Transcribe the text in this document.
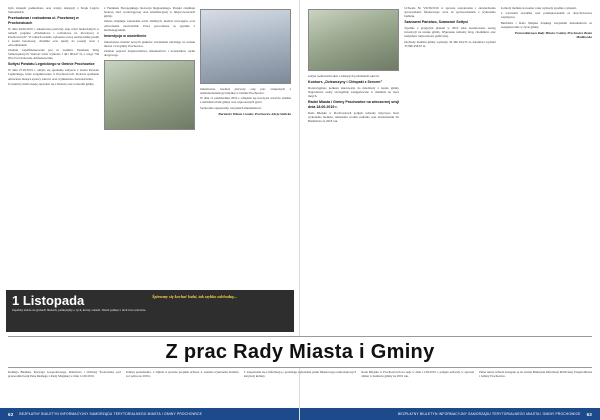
nym świętem podkreślono oraz wizytę delegacji z Kraju Ługów Saksońskich.
Przebudowa i rozbudowa ul. Pocztowej w Prochowicach
W dniu 04.06.2019 r. zakończono pierwszy etap robót budowlanych w ramach projektu „Przebudowa i rozbudowa ul. Pocztowej w Prochowicach”. W ramach zadania wykonano nową nawierzchnię jezdni z kostki betonowej, chodniki oraz zjazdy do posesji wraz z odwodnieniem.
Zadanie współfinansowane jest ze środków Funduszu Dróg Samorządowych. Wartość robót wyniosła 1 461 904,47 zł, z czego 730 952,23 zł stanowiło dofinansowanie.
Sołtysi Powiatu Legnickiego w Gminie Prochowice
W dniu 27.05.2019 r. odbyło się spotkanie sołtysów z terenu Powiatu Legnickiego, które zorganizowano w Prochowicach. Podczas spotkania omówiono bieżące sprawy sołectw oraz wymieniono doświadczenia.
Uczestnicy mieli okazję zapoznać się z historią oraz walorami gminy.
z Funduszu Europejskiego Rozwoju Regionalnego. Projekt obejmuje budowę sieci wodociągowej oraz kanalizacyjnej w miejscowościach gminy.
Zakres obejmuje wykonanie robót ziemnych, montaż rurociągów oraz odtworzenie nawierzchni. Prace prowadzone są zgodnie z harmonogramem.
Inwestycja w oświetlenie
Zakończono montaż nowych punktów oświetlenia ulicznego na terenie miasta i wsi gminy Prochowice.
Zadanie poprawi bezpieczeństwo mieszkańców i uczestników ruchu drogowego.
Zakończono również pierwszy etap prac związanych z termomodernizacją budynku w Gminie Prochowice.
W dniu 11 października 2019 r. odbędzie się uroczyste otwarcie obiektu z udziałem władz gminy oraz zaproszonych gości.
Serdecznie zapraszamy wszystkich mieszkańców.
Burmistrz Miasta i Gminy Prochowice Alicja Sielicka
62 BEZPŁATNY BIULETYN INFORMACYJNY SAMORZĄDU TERYTORIALNEGO MIASTA I GMINY PROCHOWICE
sołtysi rozmawiali także o bieżących problemach sołectw.
Konkurs „Dziewczyny i Chłopaki z Sercem”
Rozstrzygnięto konkurs skierowany do młodzieży z terenu gminy. Nagrodzono osoby szczególnie zaangażowane w działania na rzecz innych.
Radni Miasta i Gminy Prochowice na wieczornej sesji dnia 18.06.2019 r.
Rada Miejska w Prochowicach podjęła uchwały dotyczące m.in. wykonania budżetu, udzielenia wotum zaufania oraz absolutorium dla Burmistrza za 2018 rok.
Uchwała Nr VII/36/2019 w sprawie rozpatrzenia i zatwierdzenia sprawozdania finansowego wraz ze sprawozdaniem z wykonania budżetu.
Szanowni Państwo, Szanowni Sołtysi
Zgodnie z przyjętym planem w 2019 roku zrealizowano szereg inwestycji na terenie gminy. Wykonano remonty dróg, chodników oraz budynków użyteczności publicznej.
Dochody budżetu gminy wyniosły 36 469 924,55 zł, natomiast wydatki 35 996 458,67 zł.
dochody budżetu na koniec roku wyniosły zgodnie z planem.
Z wyrazami szacunku oraz podziękowaniem za dotychczasową współpracę.
Burmistrz i Rada Miejska dziękują wszystkim mieszkańcom za zaangażowanie w życie gminy.
Przewodnicząca Rady Miasta i Gminy Prochowice Beata Madlowska
BEZPŁATNY BIULETYN INFORMACYJNY SAMORZĄDU TERYTORIALNEGO MIASTA I GMINY PROCHOWICE 63
1 Listopada
Zapalmy znicze na grobach bliskich, pamiętajmy o tych, którzy odeszli. Niech pamięć o nich trwa wiecznie.
Śpieszmy się kochać ludzi, tak szybko odchodzą...
Z prac Rady Miasta i Gminy
Komisja Budżetu, Rozwoju Gospodarczego, Rolnictwa i Ochrony Środowiska pod przewodnictwem Pana Radnego z Rady Miejskiej w dniu 11.09.2019.
Tematy posiedzenia: 1. Opinia w sprawie projektu uchwał. 2. Analiza wykonania budżetu za I półrocze 2019 r.
3. Zapoznanie się z informacją o przebiegu wykonania planu finansowego samorządowych instytucji kultury.
Rada Miejska w Prochowicach na sesji w dniu 11.09.2019 r. podjęła uchwały w sprawie zmian w budżecie gminy na 2019 rok.
Pełne teksty uchwał dostępne są na stronie Biuletynu Informacji Publicznej Urzędu Miasta i Gminy Prochowice.
